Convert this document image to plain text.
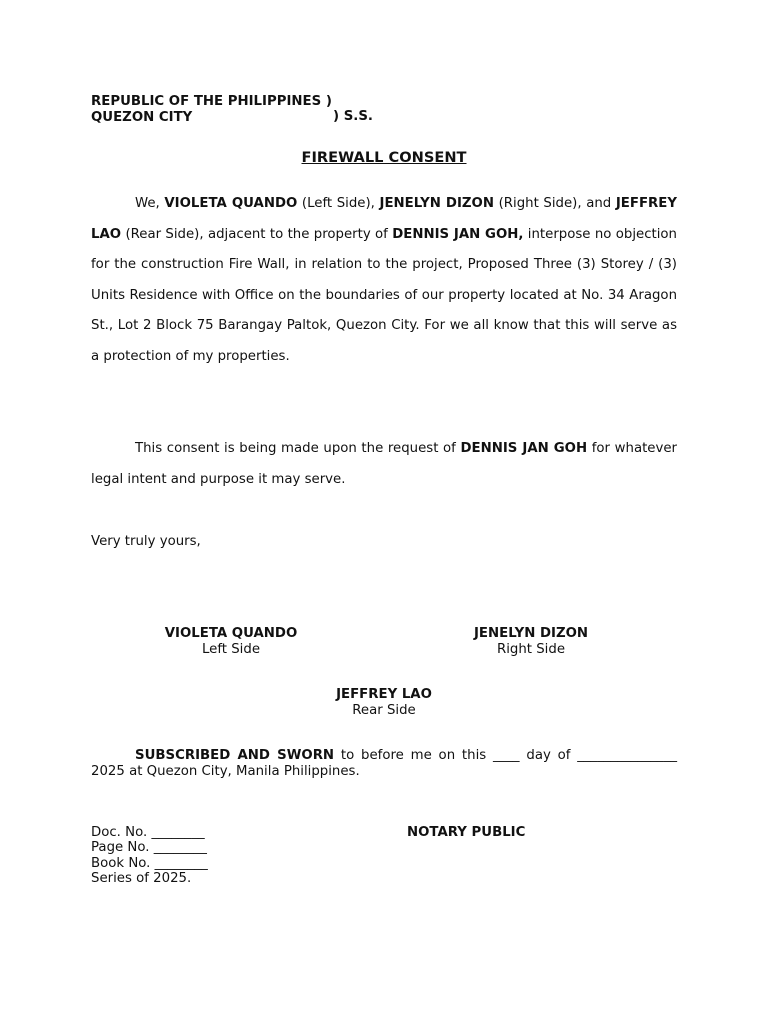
REPUBLIC OF THE PHILIPPINES )
QUEZON CITY	) S.S.
FIREWALL CONSENT
We, VIOLETA QUANDO (Left Side), JENELYN DIZON (Right Side), and JEFFREY LAO (Rear Side), adjacent to the property of DENNIS JAN GOH, interpose no objection for the construction Fire Wall, in relation to the project, Proposed Three (3) Storey / (3) Units Residence with Office on the boundaries of our property located at No. 34 Aragon St., Lot 2 Block 75 Barangay Paltok, Quezon City. For we all know that this will serve as a protection of my properties.
This consent is being made upon the request of DENNIS JAN GOH for whatever legal intent and purpose it may serve.
Very truly yours,
VIOLETA QUANDO
Left Side
JENELYN DIZON
Right Side
JEFFREY LAO
Rear Side
SUBSCRIBED AND SWORN to before me on this ____ day of _______________ 2025 at Quezon City, Manila Philippines.
Doc. No. ________
Page No. ________
Book No. ________
Series of 2025.
NOTARY PUBLIC
